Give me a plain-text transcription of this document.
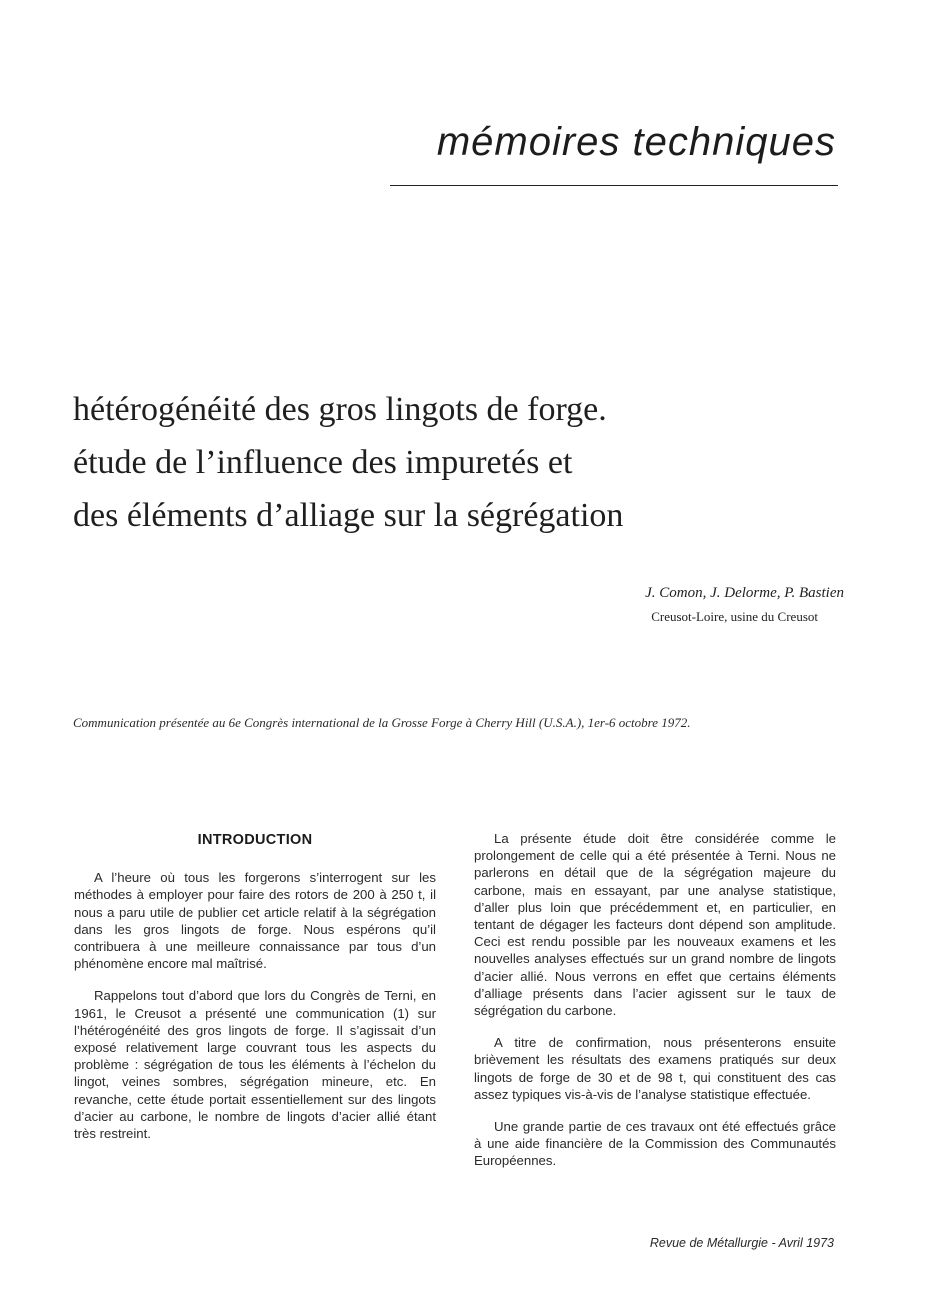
mémoires techniques
hétérogénéité des gros lingots de forge.
étude de l’influence des impuretés et
des éléments d’alliage sur la ségrégation
J. Comon, J. Delorme, P. Bastien
Creusot-Loire, usine du Creusot
Communication présentée au 6e Congrès international de la Grosse Forge à Cherry Hill (U.S.A.), 1er-6 octobre 1972.
INTRODUCTION

A l’heure où tous les forgerons s’interrogent sur les méthodes à employer pour faire des rotors de 200 à 250 t, il nous a paru utile de publier cet article relatif à la ségrégation dans les gros lingots de forge. Nous espérons qu’il contribuera à une meilleure connaissance par tous d’un phénomène encore mal maîtrisé.

Rappelons tout d’abord que lors du Congrès de Terni, en 1961, le Creusot a présenté une communication (1) sur l’hétérogénéité des gros lingots de forge. Il s’agissait d’un exposé relativement large couvrant tous les aspects du problème : ségrégation de tous les éléments à l’échelon du lingot, veines sombres, ségrégation mineure, etc. En revanche, cette étude portait essentiellement sur des lingots d’acier au carbone, le nombre de lingots d’acier allié étant très restreint.

La présente étude doit être considérée comme le prolongement de celle qui a été présentée à Terni. Nous ne parlerons en détail que de la ségrégation majeure du carbone, mais en essayant, par une analyse statistique, d’aller plus loin que précédemment et, en particulier, en tentant de dégager les facteurs dont dépend son amplitude. Ceci est rendu possible par les nouveaux examens et les nouvelles analyses effectués sur un grand nombre de lingots d’acier allié. Nous verrons en effet que certains éléments d’alliage présents dans l’acier agissent sur le taux de ségrégation du carbone.

A titre de confirmation, nous présenterons ensuite brièvement les résultats des examens pratiqués sur deux lingots de forge de 30 et de 98 t, qui constituent des cas assez typiques vis-à-vis de l’analyse statistique effectuée.

Une grande partie de ces travaux ont été effectués grâce à une aide financière de la Commission des Communautés Européennes.

Revue de Métallurgie - Avril 1973
